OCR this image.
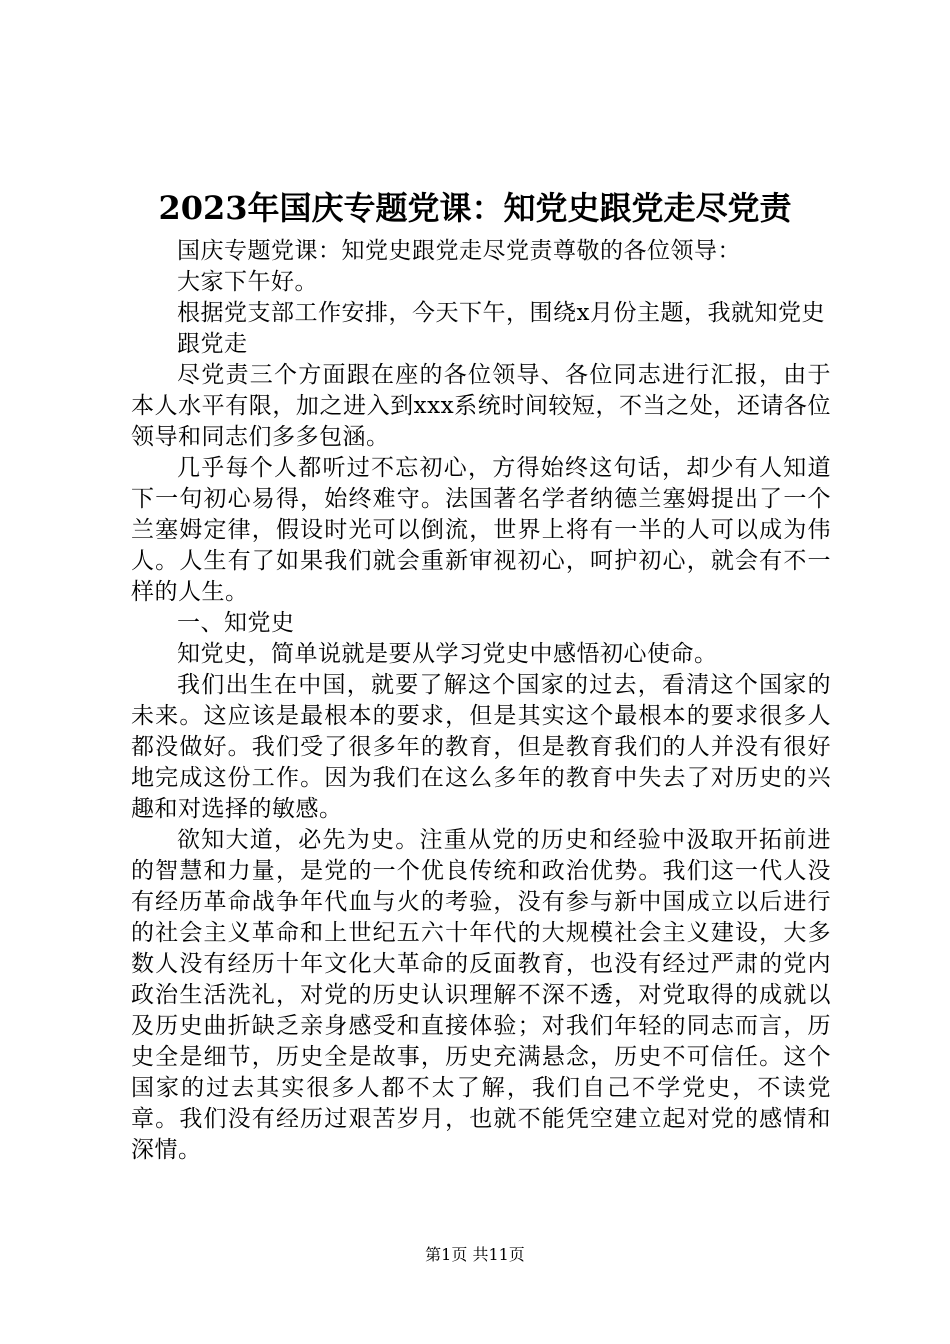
2023年国庆专题党课：知党史跟党走尽党责

国庆专题党课：知党史跟党走尽党责尊敬的各位领导：

大家下午好。

根据党支部工作安排，今天下午，围绕x月份主题，我就知党史

跟党走

尽党责三个方面跟在座的各位领导、各位同志进行汇报，由于本人水平有限，加之进入到xxx系统时间较短，不当之处，还请各位领导和同志们多多包涵。

几乎每个人都听过不忘初心，方得始终这句话，却少有人知道下一句初心易得，始终难守。法国著名学者纳德兰塞姆提出了一个兰塞姆定律，假设时光可以倒流，世界上将有一半的人可以成为伟人。人生有了如果我们就会重新审视初心，呵护初心，就会有不一样的人生。

一、知党史

知党史，简单说就是要从学习党史中感悟初心使命。

我们出生在中国，就要了解这个国家的过去，看清这个国家的未来。这应该是最根本的要求，但是其实这个最根本的要求很多人都没做好。我们受了很多年的教育，但是教育我们的人并没有很好地完成这份工作。因为我们在这么多年的教育中失去了对历史的兴趣和对选择的敏感。

欲知大道，必先为史。注重从党的历史和经验中汲取开拓前进的智慧和力量，是党的一个优良传统和政治优势。我们这一代人没有经历革命战争年代血与火的考验，没有参与新中国成立以后进行的社会主义革命和上世纪五六十年代的大规模社会主义建设，大多数人没有经历十年文化大革命的反面教育，也没有经过严肃的党内政治生活洗礼，对党的历史认识理解不深不透，对党取得的成就以及历史曲折缺乏亲身感受和直接体验；对我们年轻的同志而言，历史全是细节，历史全是故事，历史充满悬念，历史不可信任。这个国家的过去其实很多人都不太了解，我们自己不学党史，不读党章。我们没有经历过艰苦岁月，也就不能凭空建立起对党的感情和深情。

第1页 共11页
